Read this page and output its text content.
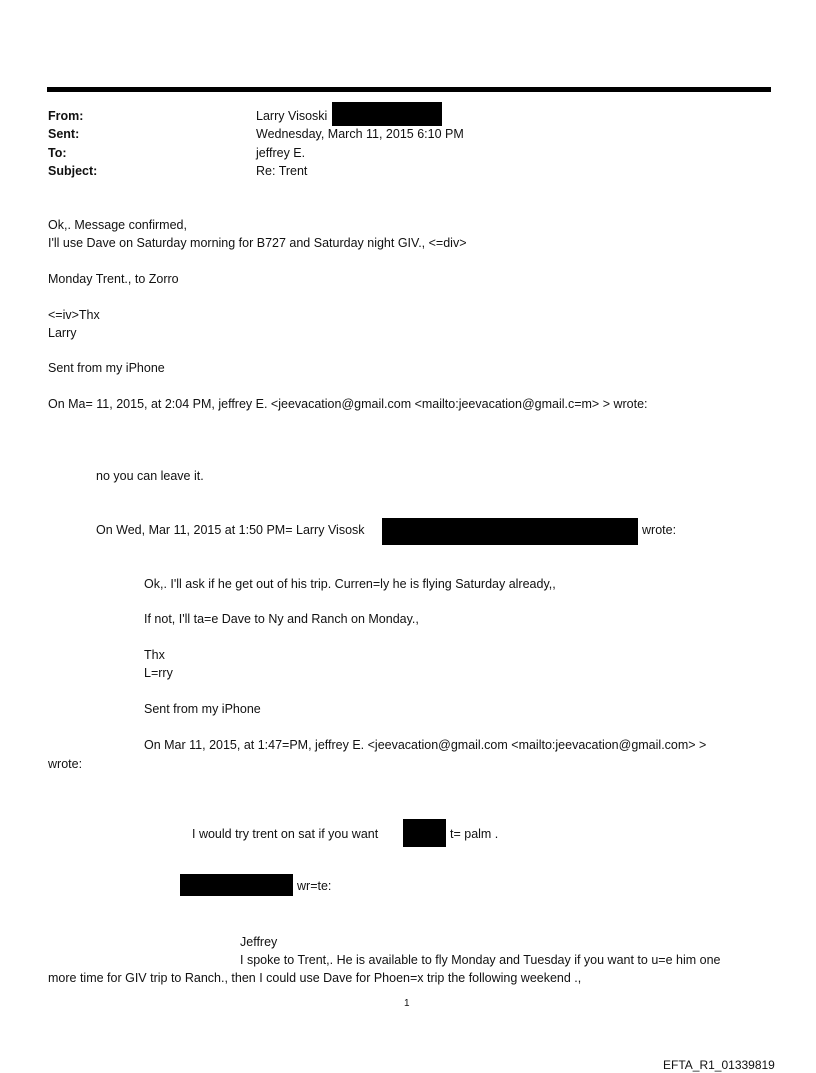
From:	Larry Visoski
Sent:	Wednesday, March 11, 2015 6:10 PM
To:	jeffrey E.
Subject:	Re: Trent
Ok,. Message confirmed,
I'll use Dave on Saturday morning for B727 and Saturday night GIV., <=div>
Monday Trent., to Zorro
<=iv>Thx
Larry
Sent from my iPhone
On Ma= 11, 2015, at 2:04 PM, jeffrey E. <jeevacation@gmail.com <mailto:jeevacation@gmail.c=m> > wrote:
no you can leave it.
On Wed, Mar 11, 2015 at 1:50 PM= Larry Visosk	wrote:
Ok,. I'll ask if he get out of his trip. Curren=ly he is flying Saturday already,,
If not, I'll ta=e Dave to Ny and Ranch on Monday.,
Thx
L=rry
Sent from my iPhone
On Mar 11, 2015, at 1:47=PM, jeffrey E. <jeevacation@gmail.com <mailto:jeevacation@gmail.com> >
wrote:
I would try trent on sat if you want	t= palm .
wr=te:
Jeffrey
I spoke to Trent,. He is available to fly Monday and Tuesday if you want to u=e him one
more time for GIV trip to Ranch., then I could use Dave for Phoen=x trip the following weekend .,
1
EFTA_R1_01339819
